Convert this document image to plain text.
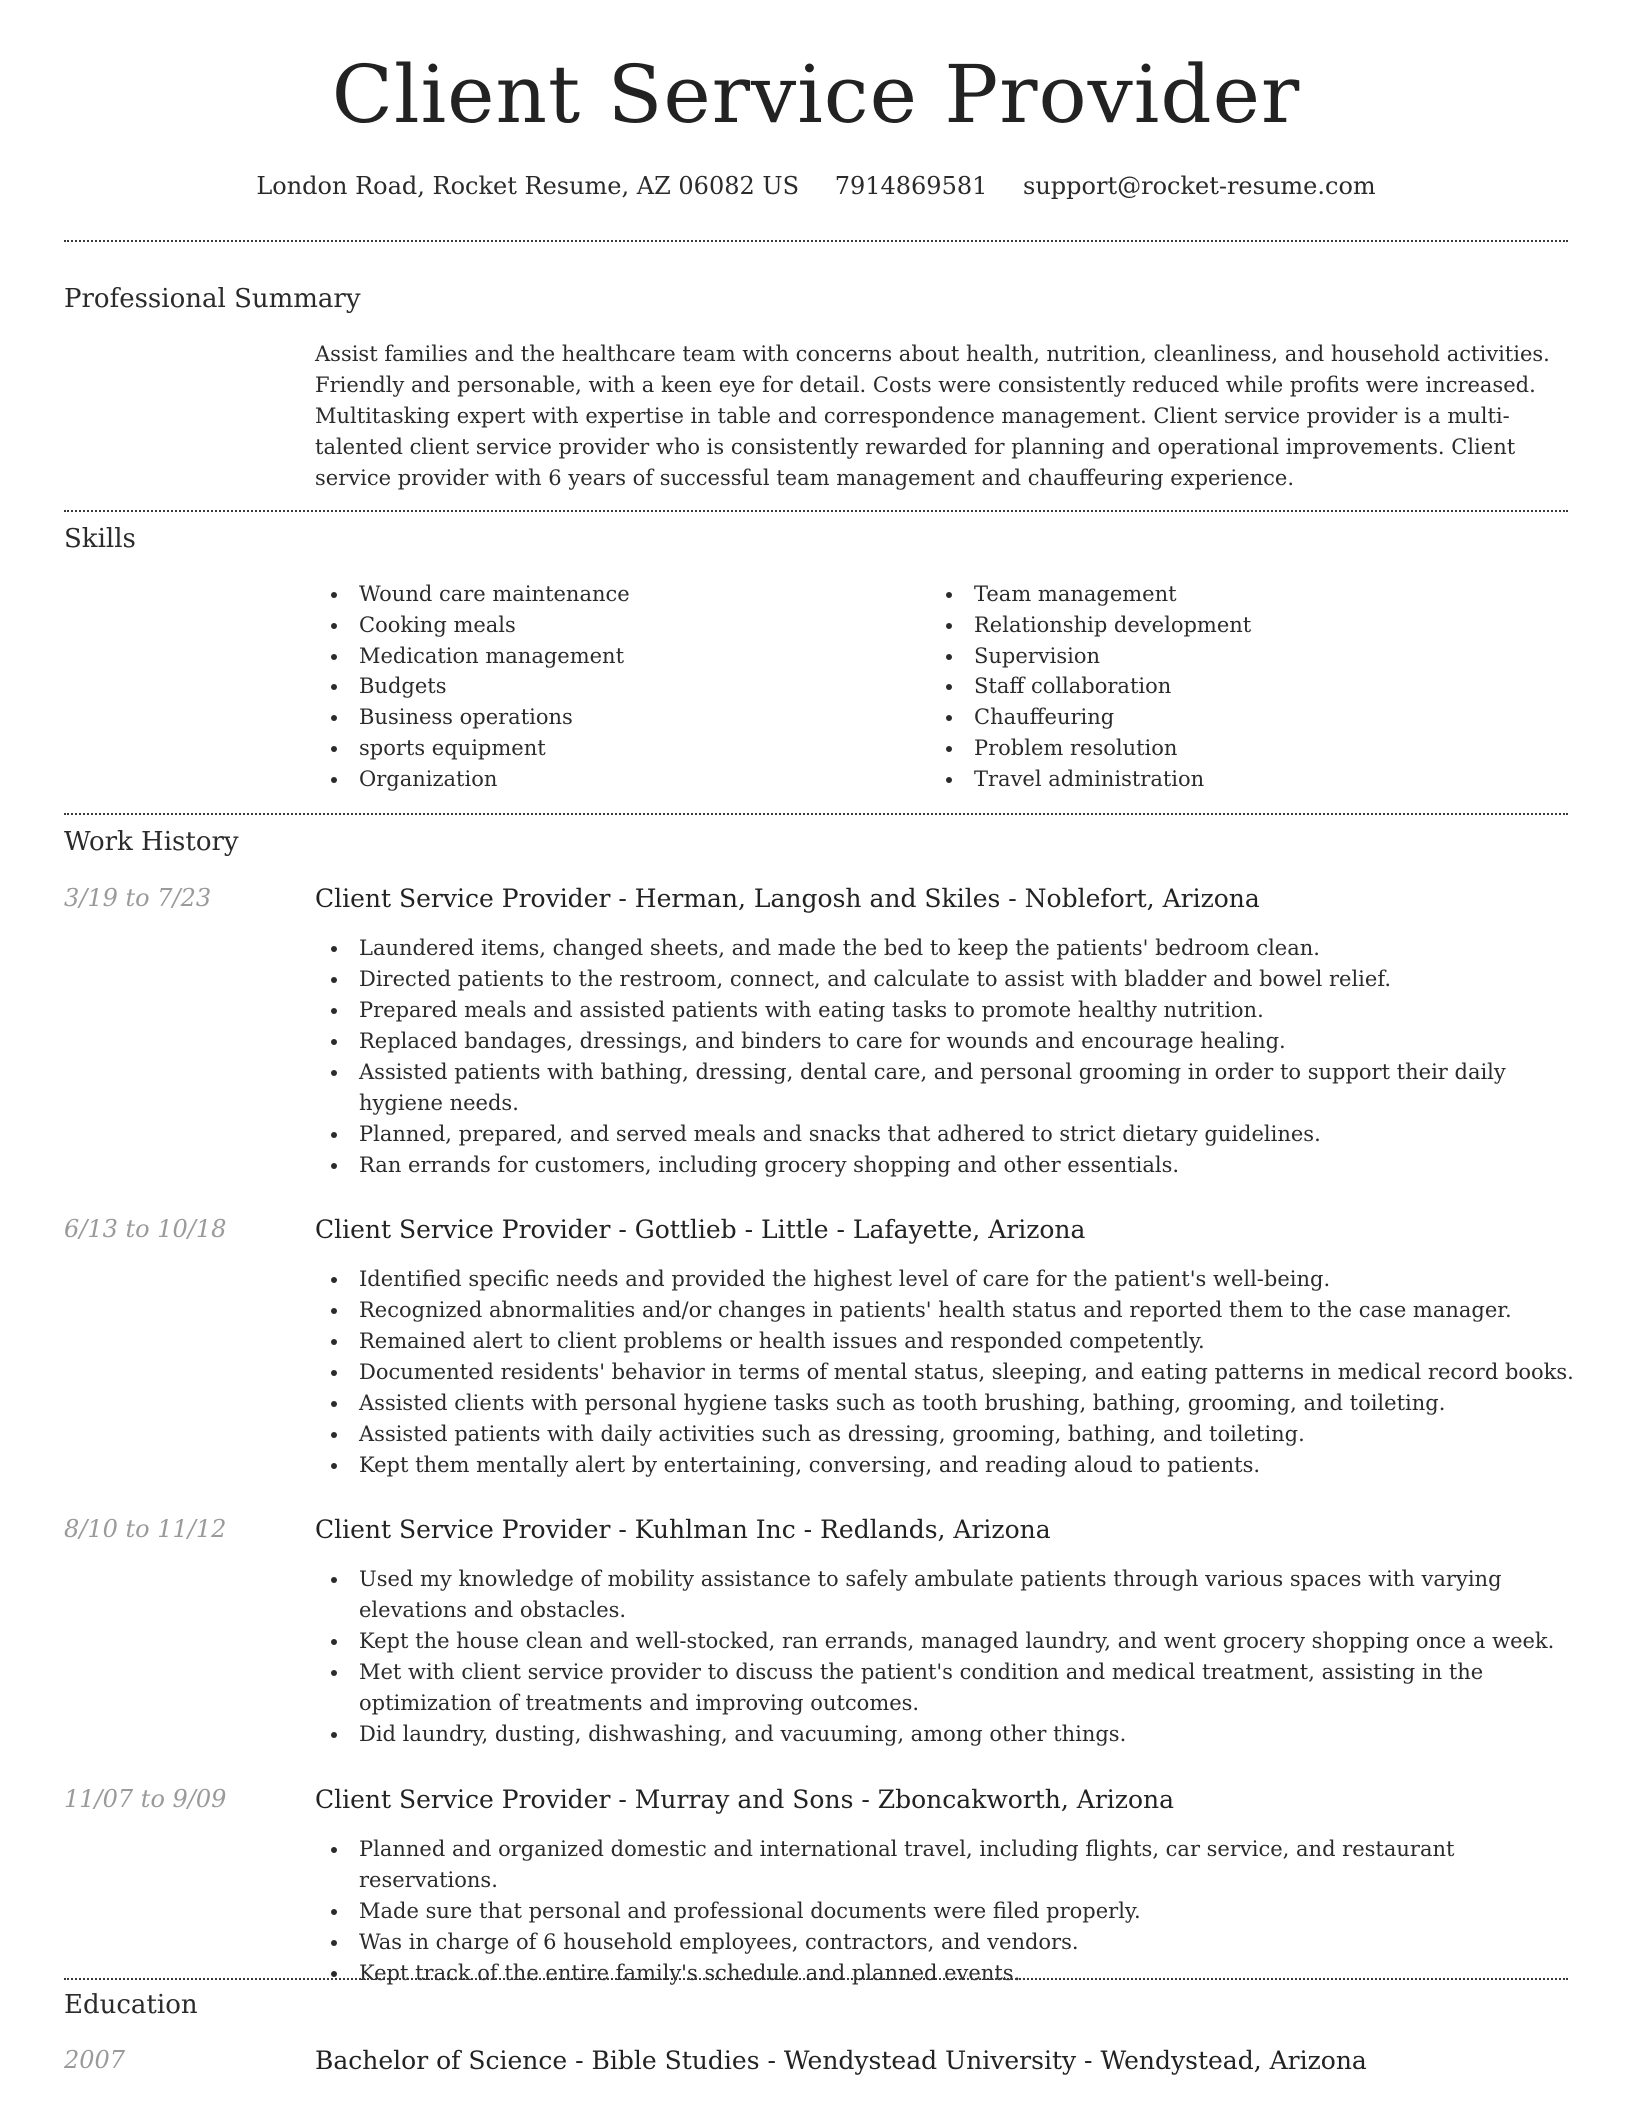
Client Service Provider
London Road, Rocket Resume, AZ 06082 US 7914869581 support@rocket-resume.com
Professional Summary
Assist families and the healthcare team with concerns about health, nutrition, cleanliness, and household activities. Friendly and personable, with a keen eye for detail. Costs were consistently reduced while profits were increased. Multitasking expert with expertise in table and correspondence management. Client service provider is a multi-talented client service provider who is consistently rewarded for planning and operational improvements. Client service provider with 6 years of successful team management and chauffeuring experience.
Skills
Wound care maintenance
Cooking meals
Medication management
Budgets
Business operations
sports equipment
Organization
Team management
Relationship development
Supervision
Staff collaboration
Chauffeuring
Problem resolution
Travel administration
Work History
3/19 to 7/23	Client Service Provider - Herman, Langosh and Skiles - Noblefort, Arizona
Laundered items, changed sheets, and made the bed to keep the patients' bedroom clean.
Directed patients to the restroom, connect, and calculate to assist with bladder and bowel relief.
Prepared meals and assisted patients with eating tasks to promote healthy nutrition.
Replaced bandages, dressings, and binders to care for wounds and encourage healing.
Assisted patients with bathing, dressing, dental care, and personal grooming in order to support their daily hygiene needs.
Planned, prepared, and served meals and snacks that adhered to strict dietary guidelines.
Ran errands for customers, including grocery shopping and other essentials.
6/13 to 10/18	Client Service Provider - Gottlieb - Little - Lafayette, Arizona
Identified specific needs and provided the highest level of care for the patient's well-being.
Recognized abnormalities and/or changes in patients' health status and reported them to the case manager.
Remained alert to client problems or health issues and responded competently.
Documented residents' behavior in terms of mental status, sleeping, and eating patterns in medical record books.
Assisted clients with personal hygiene tasks such as tooth brushing, bathing, grooming, and toileting.
Assisted patients with daily activities such as dressing, grooming, bathing, and toileting.
Kept them mentally alert by entertaining, conversing, and reading aloud to patients.
8/10 to 11/12	Client Service Provider - Kuhlman Inc - Redlands, Arizona
Used my knowledge of mobility assistance to safely ambulate patients through various spaces with varying elevations and obstacles.
Kept the house clean and well-stocked, ran errands, managed laundry, and went grocery shopping once a week.
Met with client service provider to discuss the patient's condition and medical treatment, assisting in the optimization of treatments and improving outcomes.
Did laundry, dusting, dishwashing, and vacuuming, among other things.
11/07 to 9/09	Client Service Provider - Murray and Sons - Zboncakworth, Arizona
Planned and organized domestic and international travel, including flights, car service, and restaurant reservations.
Made sure that personal and professional documents were filed properly.
Was in charge of 6 household employees, contractors, and vendors.
Kept track of the entire family's schedule and planned events.
Education
2007	Bachelor of Science - Bible Studies - Wendystead University - Wendystead, Arizona
